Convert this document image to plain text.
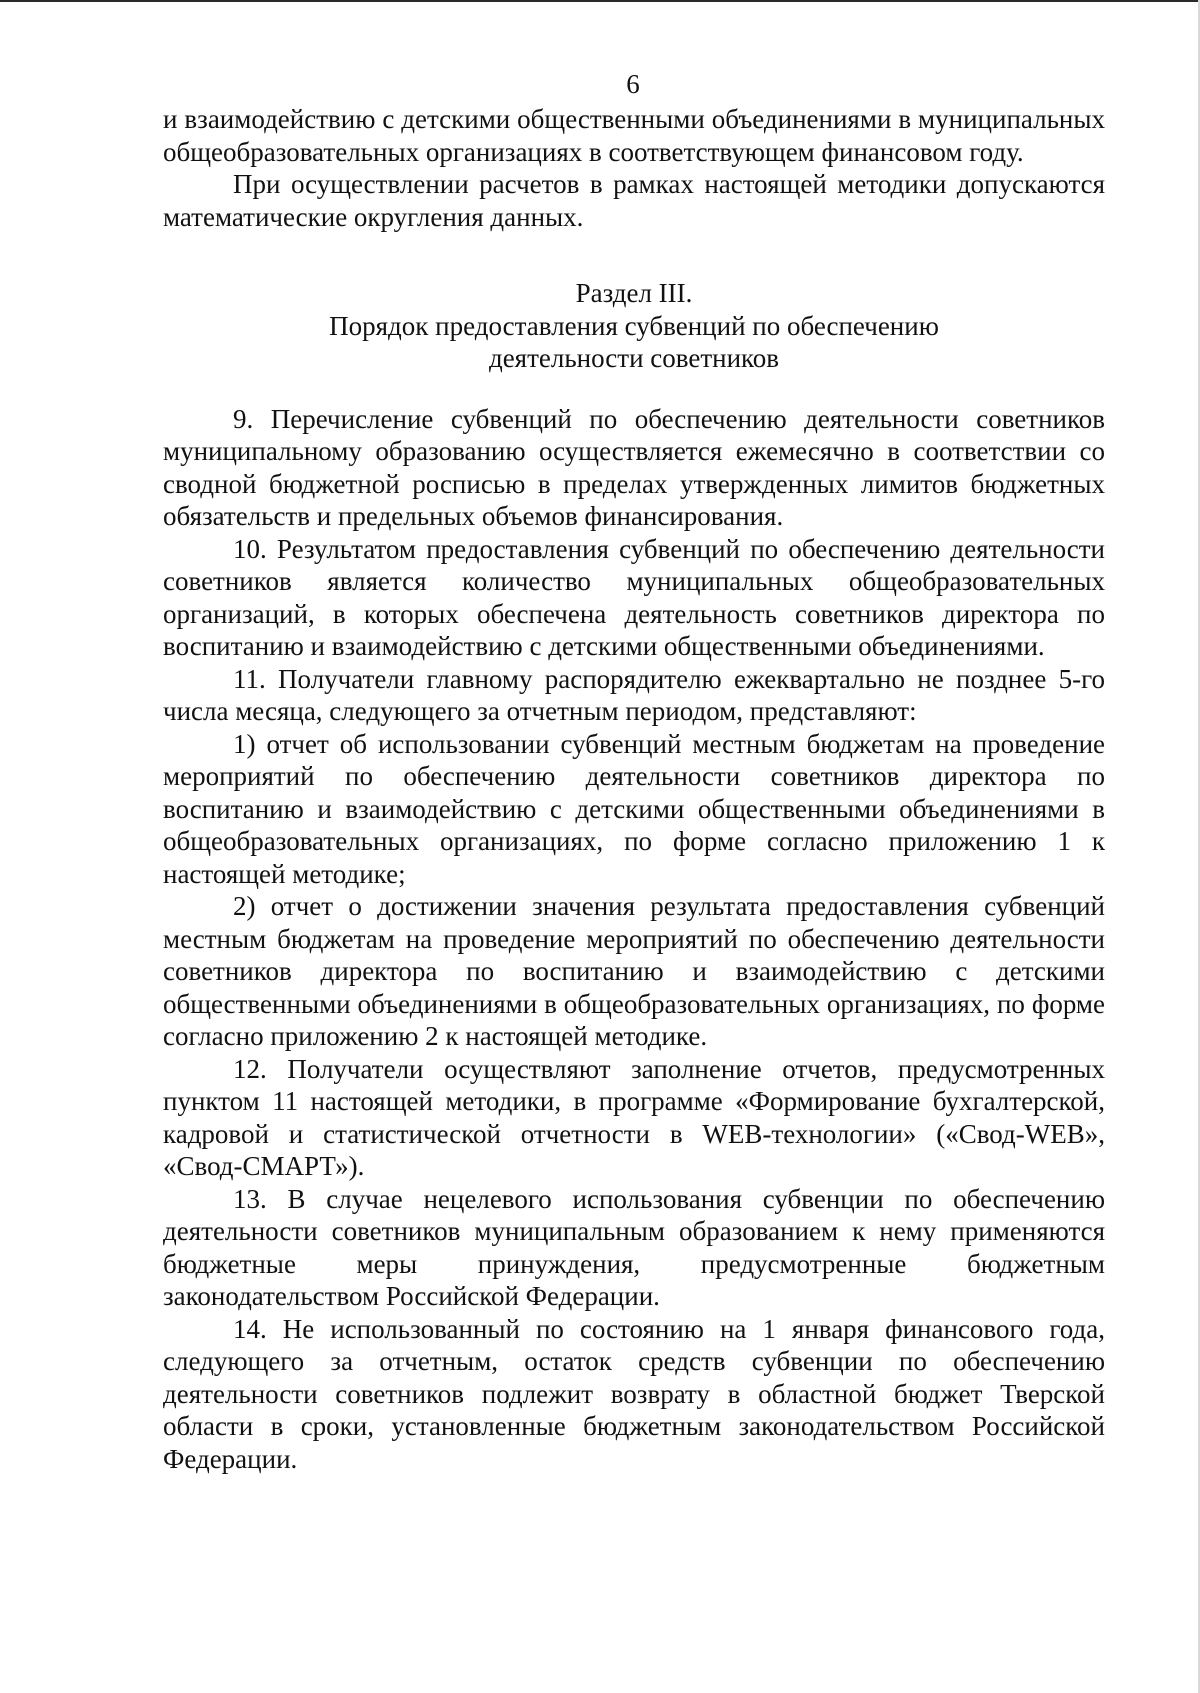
6

и взаимодействию с детскими общественными объединениями в муниципальных общеобразовательных организациях в соответствующем финансовом году.

При осуществлении расчетов в рамках настоящей методики допускаются математические округления данных.

Раздел III.

Порядок предоставления субвенций по обеспечению

деятельности советников

9. Перечисление субвенций по обеспечению деятельности советников муниципальному образованию осуществляется ежемесячно в соответствии со сводной бюджетной росписью в пределах утвержденных лимитов бюджетных обязательств и предельных объемов финансирования.

10. Результатом предоставления субвенций по обеспечению деятельности советников является количество муниципальных общеобразовательных организаций, в которых обеспечена деятельность советников директора по воспитанию и взаимодействию с детскими общественными объединениями.

11. Получатели главному распорядителю ежеквартально не позднее 5-го числа месяца, следующего за отчетным периодом, представляют:

1) отчет об использовании субвенций местным бюджетам на проведение мероприятий по обеспечению деятельности советников директора по воспитанию и взаимодействию с детскими общественными объединениями в общеобразовательных организациях, по форме согласно приложению 1 к настоящей методике;

2) отчет о достижении значения результата предоставления субвенций местным бюджетам на проведение мероприятий по обеспечению деятельности советников директора по воспитанию и взаимодействию с детскими общественными объединениями в общеобразовательных организациях, по форме согласно приложению 2 к настоящей методике.

12. Получатели осуществляют заполнение отчетов, предусмотренных пунктом 11 настоящей методики, в программе «Формирование бухгалтерской, кадровой и статистической отчетности в WEB-технологии» («Свод-WEB», «Свод-СМАРТ»).

13. В случае нецелевого использования субвенции по обеспечению деятельности советников муниципальным образованием к нему применяются бюджетные меры принуждения, предусмотренные бюджетным законодательством Российской Федерации.

14. Не использованный по состоянию на 1 января финансового года, следующего за отчетным, остаток средств субвенции по обеспечению деятельности советников подлежит возврату в областной бюджет Тверской области в сроки, установленные бюджетным законодательством Российской Федерации.
